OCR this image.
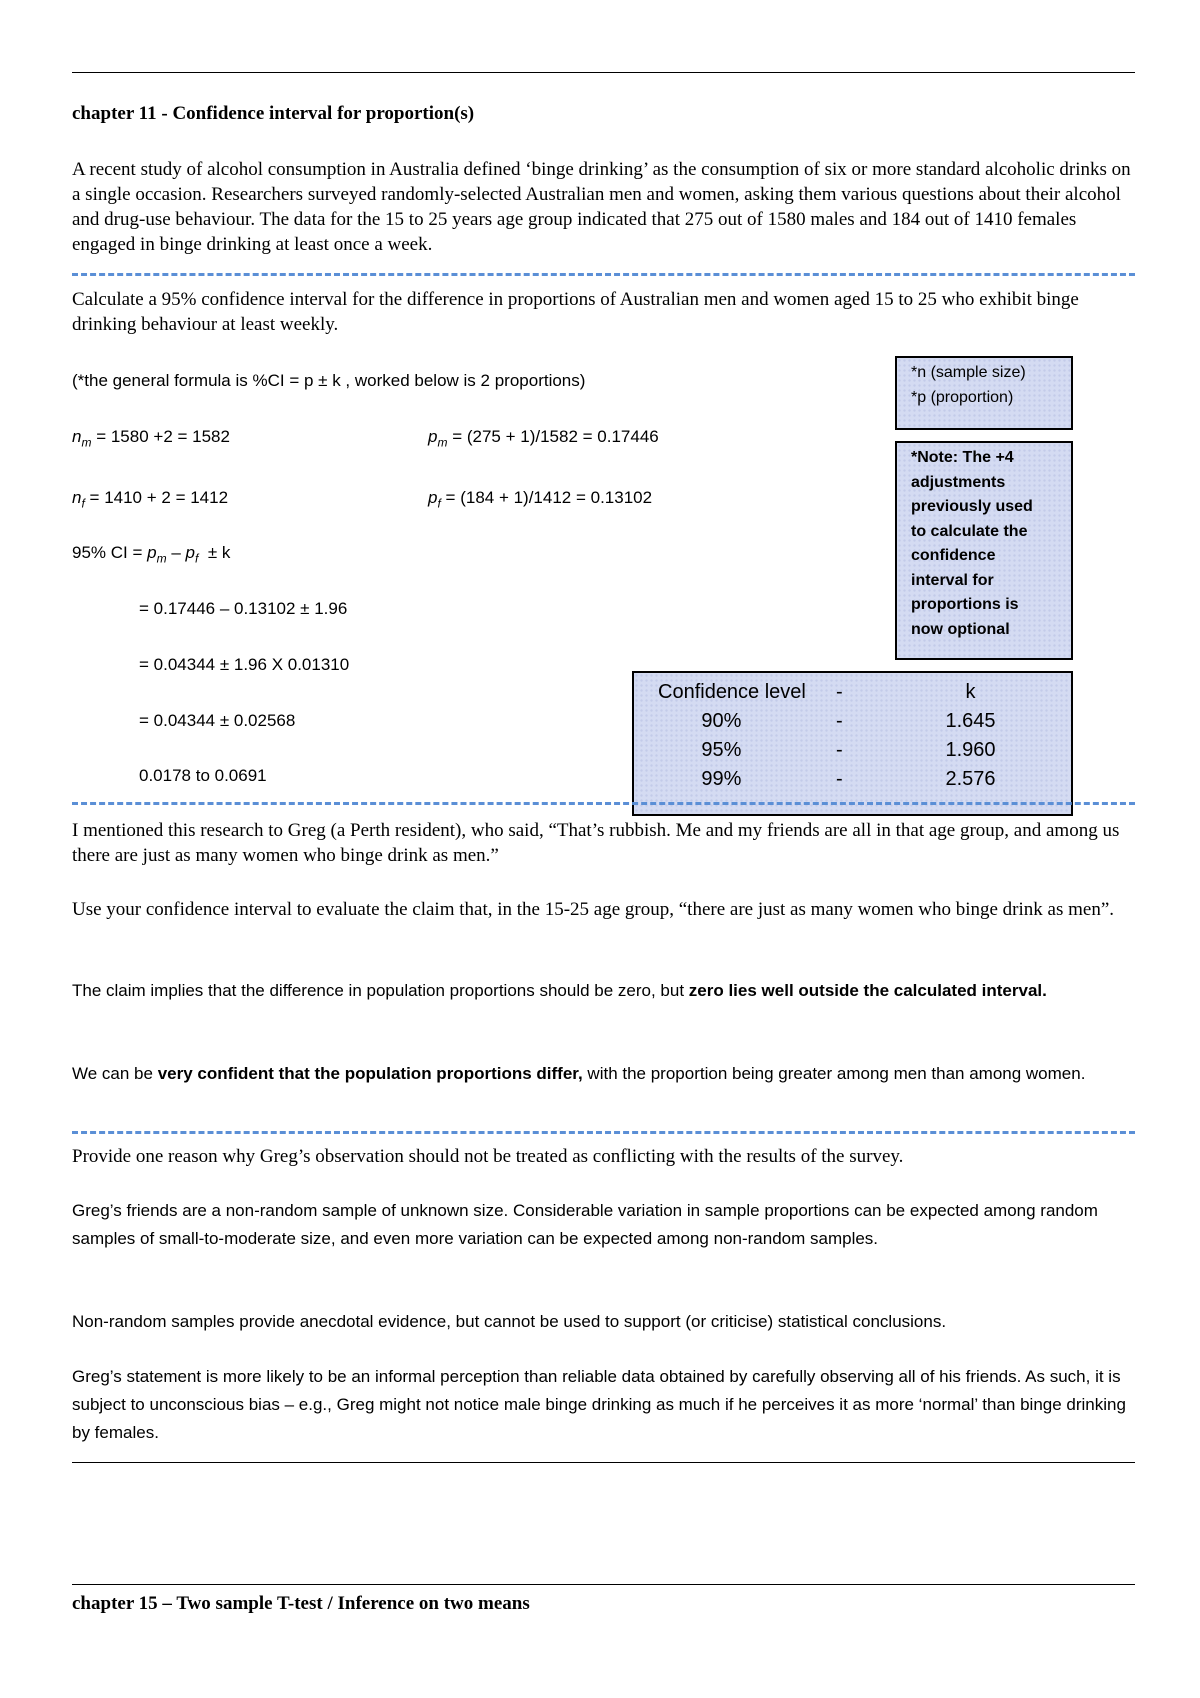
chapter 11 - Confidence interval for proportion(s)

A recent study of alcohol consumption in Australia defined ‘binge drinking’ as the consumption of six or more standard alcoholic drinks on a single occasion. Researchers surveyed randomly-selected Australian men and women, asking them various questions about their alcohol and drug-use behaviour. The data for the 15 to 25 years age group indicated that 275 out of 1580 males and 184 out of 1410 females engaged in binge drinking at least once a week.

Calculate a 95% confidence interval for the difference in proportions of Australian men and women aged 15 to 25 who exhibit binge drinking behaviour at least weekly.

(*the general formula is %CI = p ± k , worked below is 2 proportions)
$n_m = 1580 +2 = 1582$	$p_m = (275 + 1)/1582 = 0.17446$
$n_f = 1410 + 2 = 1412$	$p_f = (184 + 1)/1412 = 0.13102$
95% CI = $p_m - p_f \pm k$
= 0.17446 – 0.13102 ± 1.96
= 0.04344 ± 1.96 X 0.01310
= 0.04344 ± 0.02568
0.0178 to 0.0691
*n (sample size)
*p (proportion)
*Note: The +4
adjustments
previously used
to calculate the
confidence
interval for
proportions is
now optional
Confidence level	-	k
90%	-	1.645
95%	-	1.960
99%	-	2.576

I mentioned this research to Greg (a Perth resident), who said, “That’s rubbish. Me and my friends are all in that age group, and among us there are just as many women who binge drink as men.”

Use your confidence interval to evaluate the claim that, in the 15-25 age group, “there are just as many women who binge drink as men”.

The claim implies that the difference in population proportions should be zero, but zero lies well outside the calculated interval.

We can be very confident that the population proportions differ, with the proportion being greater among men than among women.

Provide one reason why Greg’s observation should not be treated as conflicting with the results of the survey.

Greg’s friends are a non-random sample of unknown size. Considerable variation in sample proportions can be expected among random samples of small-to-moderate size, and even more variation can be expected among non-random samples.

Non-random samples provide anecdotal evidence, but cannot be used to support (or criticise) statistical conclusions.

Greg’s statement is more likely to be an informal perception than reliable data obtained by carefully observing all of his friends. As such, it is subject to unconscious bias – e.g., Greg might not notice male binge drinking as much if he perceives it as more ‘normal’ than binge drinking by females.

chapter 15 – Two sample T-test / Inference on two means
